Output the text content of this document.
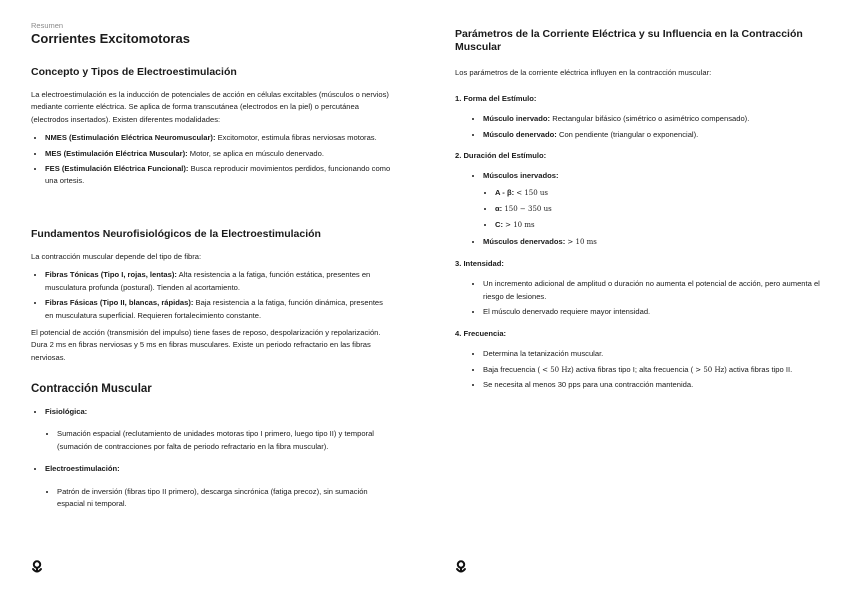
Resumen

Corrientes Excitomotoras
Concepto y Tipos de Electroestimulación

La electroestimulación es la inducción de potenciales de acción en células excitables (músculos o nervios) mediante corriente eléctrica. Se aplica de forma transcutánea (electrodos en la piel) o percutánea (electrodos insertados). Existen diferentes modalidades:

• NMES (Estimulación Eléctrica Neuromuscular): Excitomotor, estimula fibras nerviosas motoras.
• MES (Estimulación Eléctrica Muscular): Motor, se aplica en músculo denervado.
• FES (Estimulación Eléctrica Funcional): Busca reproducir movimientos perdidos, funcionando como una ortesis.
Fundamentos Neurofisiológicos de la Electroestimulación

La contracción muscular depende del tipo de fibra:

• Fibras Tónicas (Tipo I, rojas, lentas): Alta resistencia a la fatiga, función estática, presentes en musculatura profunda (postural). Tienden al acortamiento.
• Fibras Fásicas (Tipo II, blancas, rápidas): Baja resistencia a la fatiga, función dinámica, presentes en musculatura superficial. Requieren fortalecimiento constante.

El potencial de acción (transmisión del impulso) tiene fases de reposo, despolarización y repolarización. Dura 2 ms en fibras nerviosas y 5 ms en fibras musculares. Existe un periodo refractario en las fibras nerviosas.

Contracción Muscular
• Fisiológica:
• Sumación espacial (reclutamiento de unidades motoras tipo I primero, luego tipo II) y temporal (sumación de contracciones por falta de periodo refractario en la fibra muscular).
• Electroestimulación:
• Patrón de inversión (fibras tipo II primero), descarga sincrónica (fatiga precoz), sin sumación espacial ni temporal.
Parámetros de la Corriente Eléctrica y su Influencia en la Contracción Muscular

Los parámetros de la corriente eléctrica influyen en la contracción muscular:

1. Forma del Estímulo:

• Músculo inervado: Rectangular bifásico (simétrico o asimétrico compensado).
• Músculo denervado: Con pendiente (triangular o exponencial).

2. Duración del Estímulo:

• Músculos inervados:
• A - β: < 150 us
• α: 150 − 350 us
• C: > 10 ms
• Músculos denervados: > 10 ms

3. Intensidad:

• Un incremento adicional de amplitud o duración no aumenta el potencial de acción, pero aumenta el riesgo de lesiones.
• El músculo denervado requiere mayor intensidad.

4. Frecuencia:

• Determina la tetanización muscular.
• Baja frecuencia ( < 50 Hz) activa fibras tipo I; alta frecuencia ( > 50 Hz) activa fibras tipo II.
• Se necesita al menos 30 pps para una contracción mantenida.
